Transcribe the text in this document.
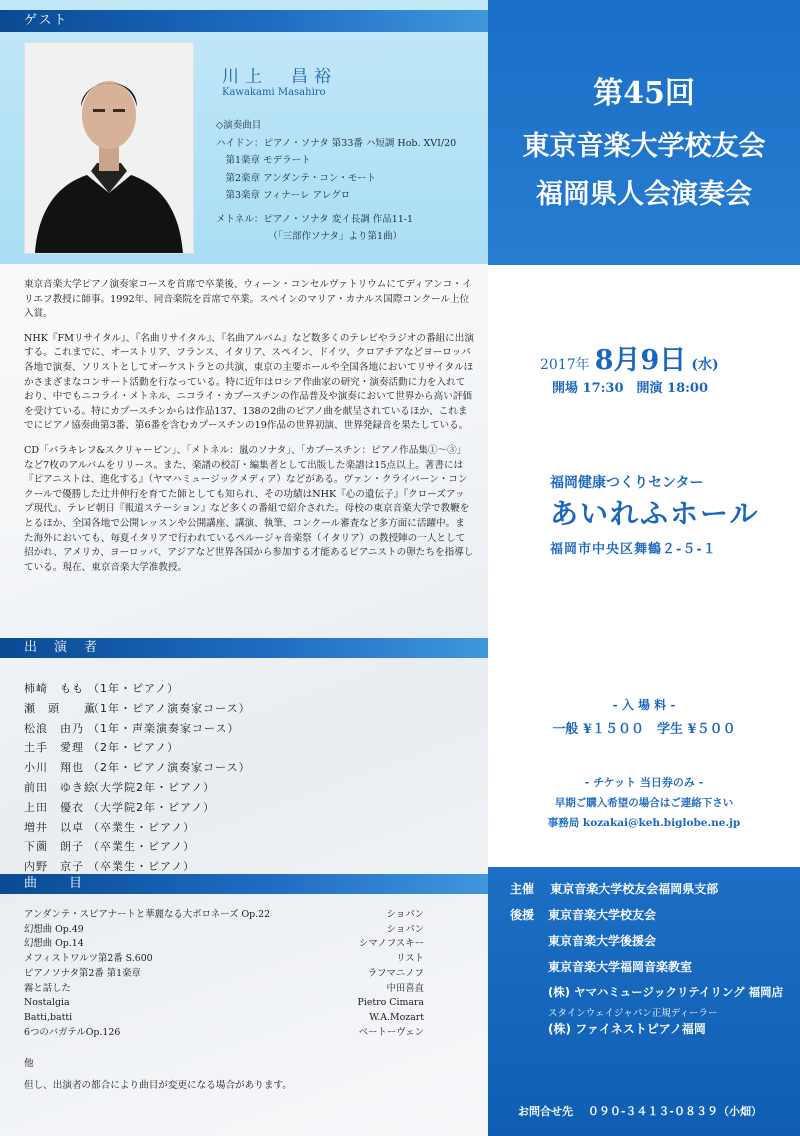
ゲスト
川上　昌裕
Kawakami Masahiro
◇演奏曲目
ハイドン：ピアノ・ソナタ 第33番 ハ短調 Hob. XVI/20
　第1楽章 モデラート
　第2楽章 アンダンテ・コン・モート
　第3楽章 フィナーレ アレグロ
メトネル：ピアノ・ソナタ 変イ長調 作品11-1
　　　　　　（「三部作ソナタ」より第1曲）

東京音楽大学ピアノ演奏家コースを首席で卒業後、ウィーン・コンセルヴァトリウムにてディアンコ・イリエフ教授に師事。1992年、同音楽院を首席で卒業。スペインのマリア・カナルス国際コンクール上位入賞。

NHK『FMリサイタル』、『名曲リサイタル』、『名曲アルバム』など数多くのテレビやラジオの番組に出演する。これまでに、オーストリア、フランス、イタリア、スペイン、ドイツ、クロアチアなどヨーロッパ各地で演奏、ソリストとしてオーケストラとの共演、東京の主要ホールや全国各地においてリサイタルほかさまざまなコンサート活動を行なっている。特に近年はロシア作曲家の研究・演奏活動に力を入れており、中でもニコライ・メトネル、ニコライ・カプースチンの作品普及や演奏において世界から高い評価を受けている。特にカプースチンからは作品137、138の2曲のピアノ曲を献呈されているほか、これまでにピアノ協奏曲第3番、第6番を含むカプースチンの19作品の世界初演、世界発録音を果たしている。

CD「バラキレフ&スクリャービン」、「メトネル：嵐のソナタ」、「カプースチン：ピアノ作品集①〜③」など7枚のアルバムをリリース。また、楽譜の校訂・編集者として出版した楽譜は15点以上。著書には『ピアニストは、進化する』（ヤマハミュージックメディア）などがある。ヴァン・クライバーン・コンクールで優勝した辻井伸行を育てた師としても知られ、その功績はNHK『心の遺伝子』『クローズアップ現代』、テレビ朝日『報道ステーション』など多くの番組で紹介された。母校の東京音楽大学で教鞭をとるほか、全国各地で公開レッスンや公開講座、講演、執筆、コンクール審査など多方面に活躍中。また海外においても、毎夏イタリアで行われているペルージャ音楽祭（イタリア）の教授陣の一人として招かれ、アメリカ、ヨーロッパ、アジアなど世界各国から参加する才能あるピアニストの卵たちを指導している。現在、東京音楽大学准教授。

出　演　者
柿崎　もも （1年・ピアノ）
瀬　頭　　薫（1年・ピアノ演奏家コース）
松浪　由乃 （1年・声楽演奏家コース）
土手　愛理 （2年・ピアノ）
小川　翔也 （2年・ピアノ演奏家コース）
前田　ゆき絵（大学院2年・ピアノ）
上田　優衣 （大学院2年・ピアノ）
増井　以卓 （卒業生・ピアノ）
下薗　朗子 （卒業生・ピアノ）
内野　京子 （卒業生・ピアノ）
曲　　目
アンダンテ・スピアナートと華麗なる大ポロネーズ Op.22	ショパン
幻想曲 Op.49	ショパン
幻想曲 Op.14	シマノフスキー
メフィストワルツ第2番 S.600	リスト
ピアノソナタ第2番 第1楽章	ラフマニノフ
霧と話した	中田喜直
Nostalgia	Pietro Cimara
Batti,batti	W.A.Mozart
6つのバガテルOp.126	ベートーヴェン
他
但し、出演者の都合により曲目が変更になる場合があります。
第45回
東京音楽大学校友会
福岡県人会演奏会
2017年 8月9日 (水)
開場 17:30　開演 18:00
福岡健康つくりセンター
あいれふホール
福岡市中央区舞鶴２-５-１
- 入 場 料 -
一般 ¥１５００　学生 ¥５００
- チケット 当日券のみ -
早期ご購入希望の場合はご連絡下さい
事務局 kozakai@keh.biglobe.ne.jp
主催　 東京音楽大学校友会福岡県支部
後援 東京音楽大学校友会
東京音楽大学後援会
東京音楽大学福岡音楽教室
(株) ヤマハミュージックリテイリング 福岡店
スタインウェイジャパン正規ディーラー
(株) ファイネストピアノ福岡
お問合せ先　 ０９０-３４１３-０８３９（小畑）
